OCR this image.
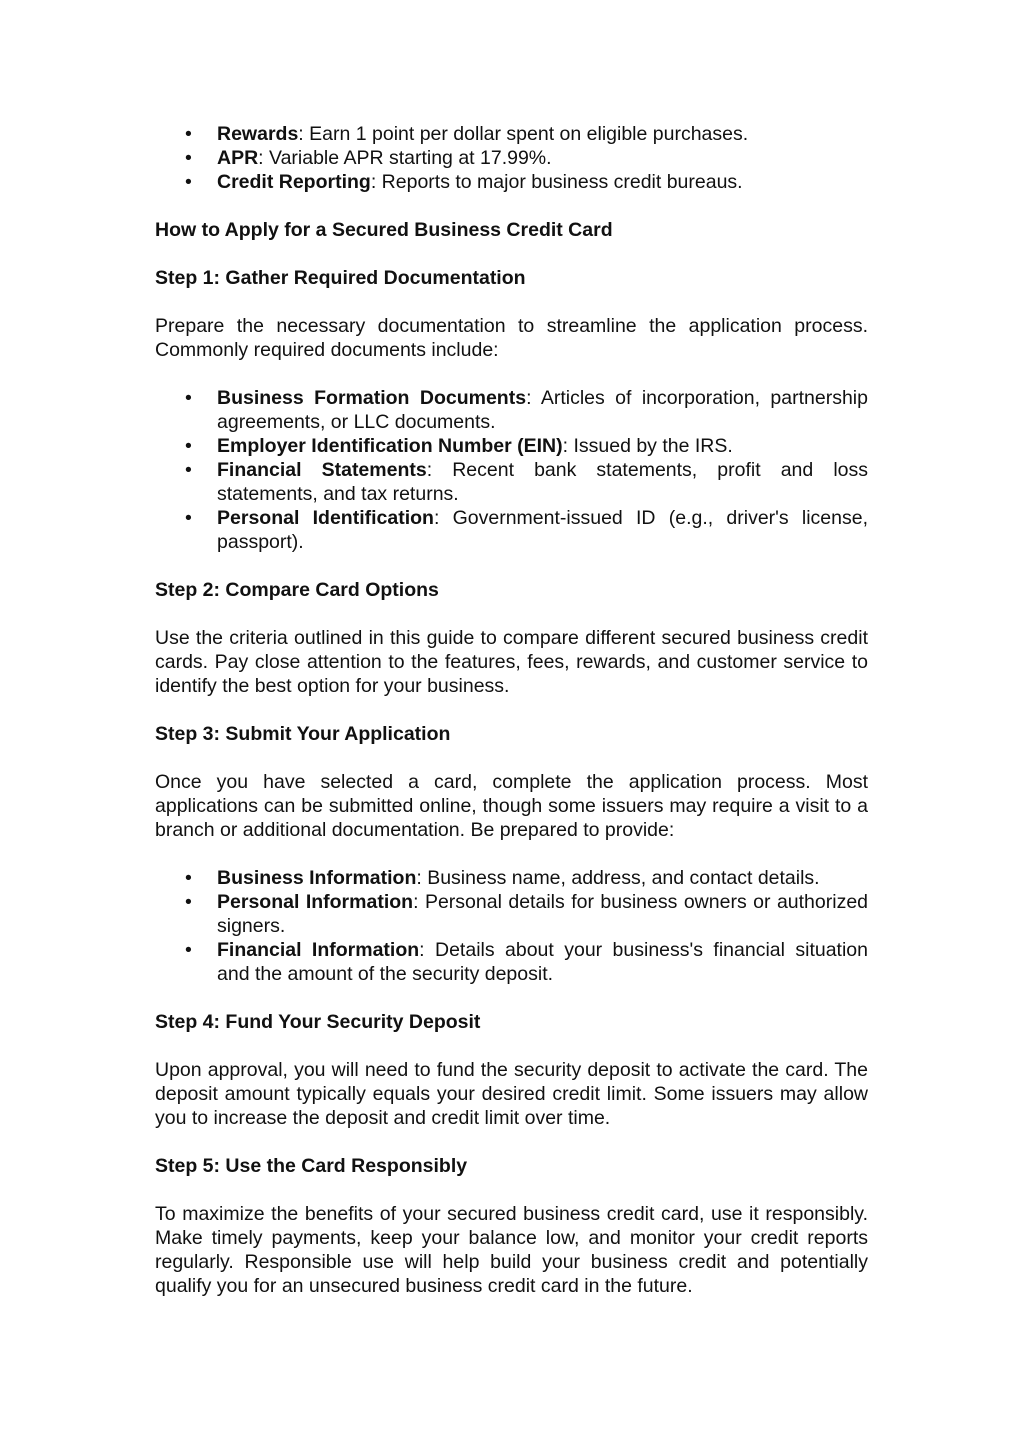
• Rewards: Earn 1 point per dollar spent on eligible purchases.
• APR: Variable APR starting at 17.99%.
• Credit Reporting: Reports to major business credit bureaus.
How to Apply for a Secured Business Credit Card
Step 1: Gather Required Documentation

Prepare the necessary documentation to streamline the application process. Commonly required documents include:

• Business Formation Documents: Articles of incorporation, partnership agreements, or LLC documents.
• Employer Identification Number (EIN): Issued by the IRS.
• Financial Statements: Recent bank statements, profit and loss statements, and tax returns.
• Personal Identification: Government-issued ID (e.g., driver's license, passport).
Step 2: Compare Card Options

Use the criteria outlined in this guide to compare different secured business credit cards. Pay close attention to the features, fees, rewards, and customer service to identify the best option for your business.

Step 3: Submit Your Application

Once you have selected a card, complete the application process. Most applications can be submitted online, though some issuers may require a visit to a branch or additional documentation. Be prepared to provide:

• Business Information: Business name, address, and contact details.
• Personal Information: Personal details for business owners or authorized signers.
• Financial Information: Details about your business's financial situation and the amount of the security deposit.
Step 4: Fund Your Security Deposit

Upon approval, you will need to fund the security deposit to activate the card. The deposit amount typically equals your desired credit limit. Some issuers may allow you to increase the deposit and credit limit over time.

Step 5: Use the Card Responsibly

To maximize the benefits of your secured business credit card, use it responsibly. Make timely payments, keep your balance low, and monitor your credit reports regularly. Responsible use will help build your business credit and potentially qualify you for an unsecured business credit card in the future.
